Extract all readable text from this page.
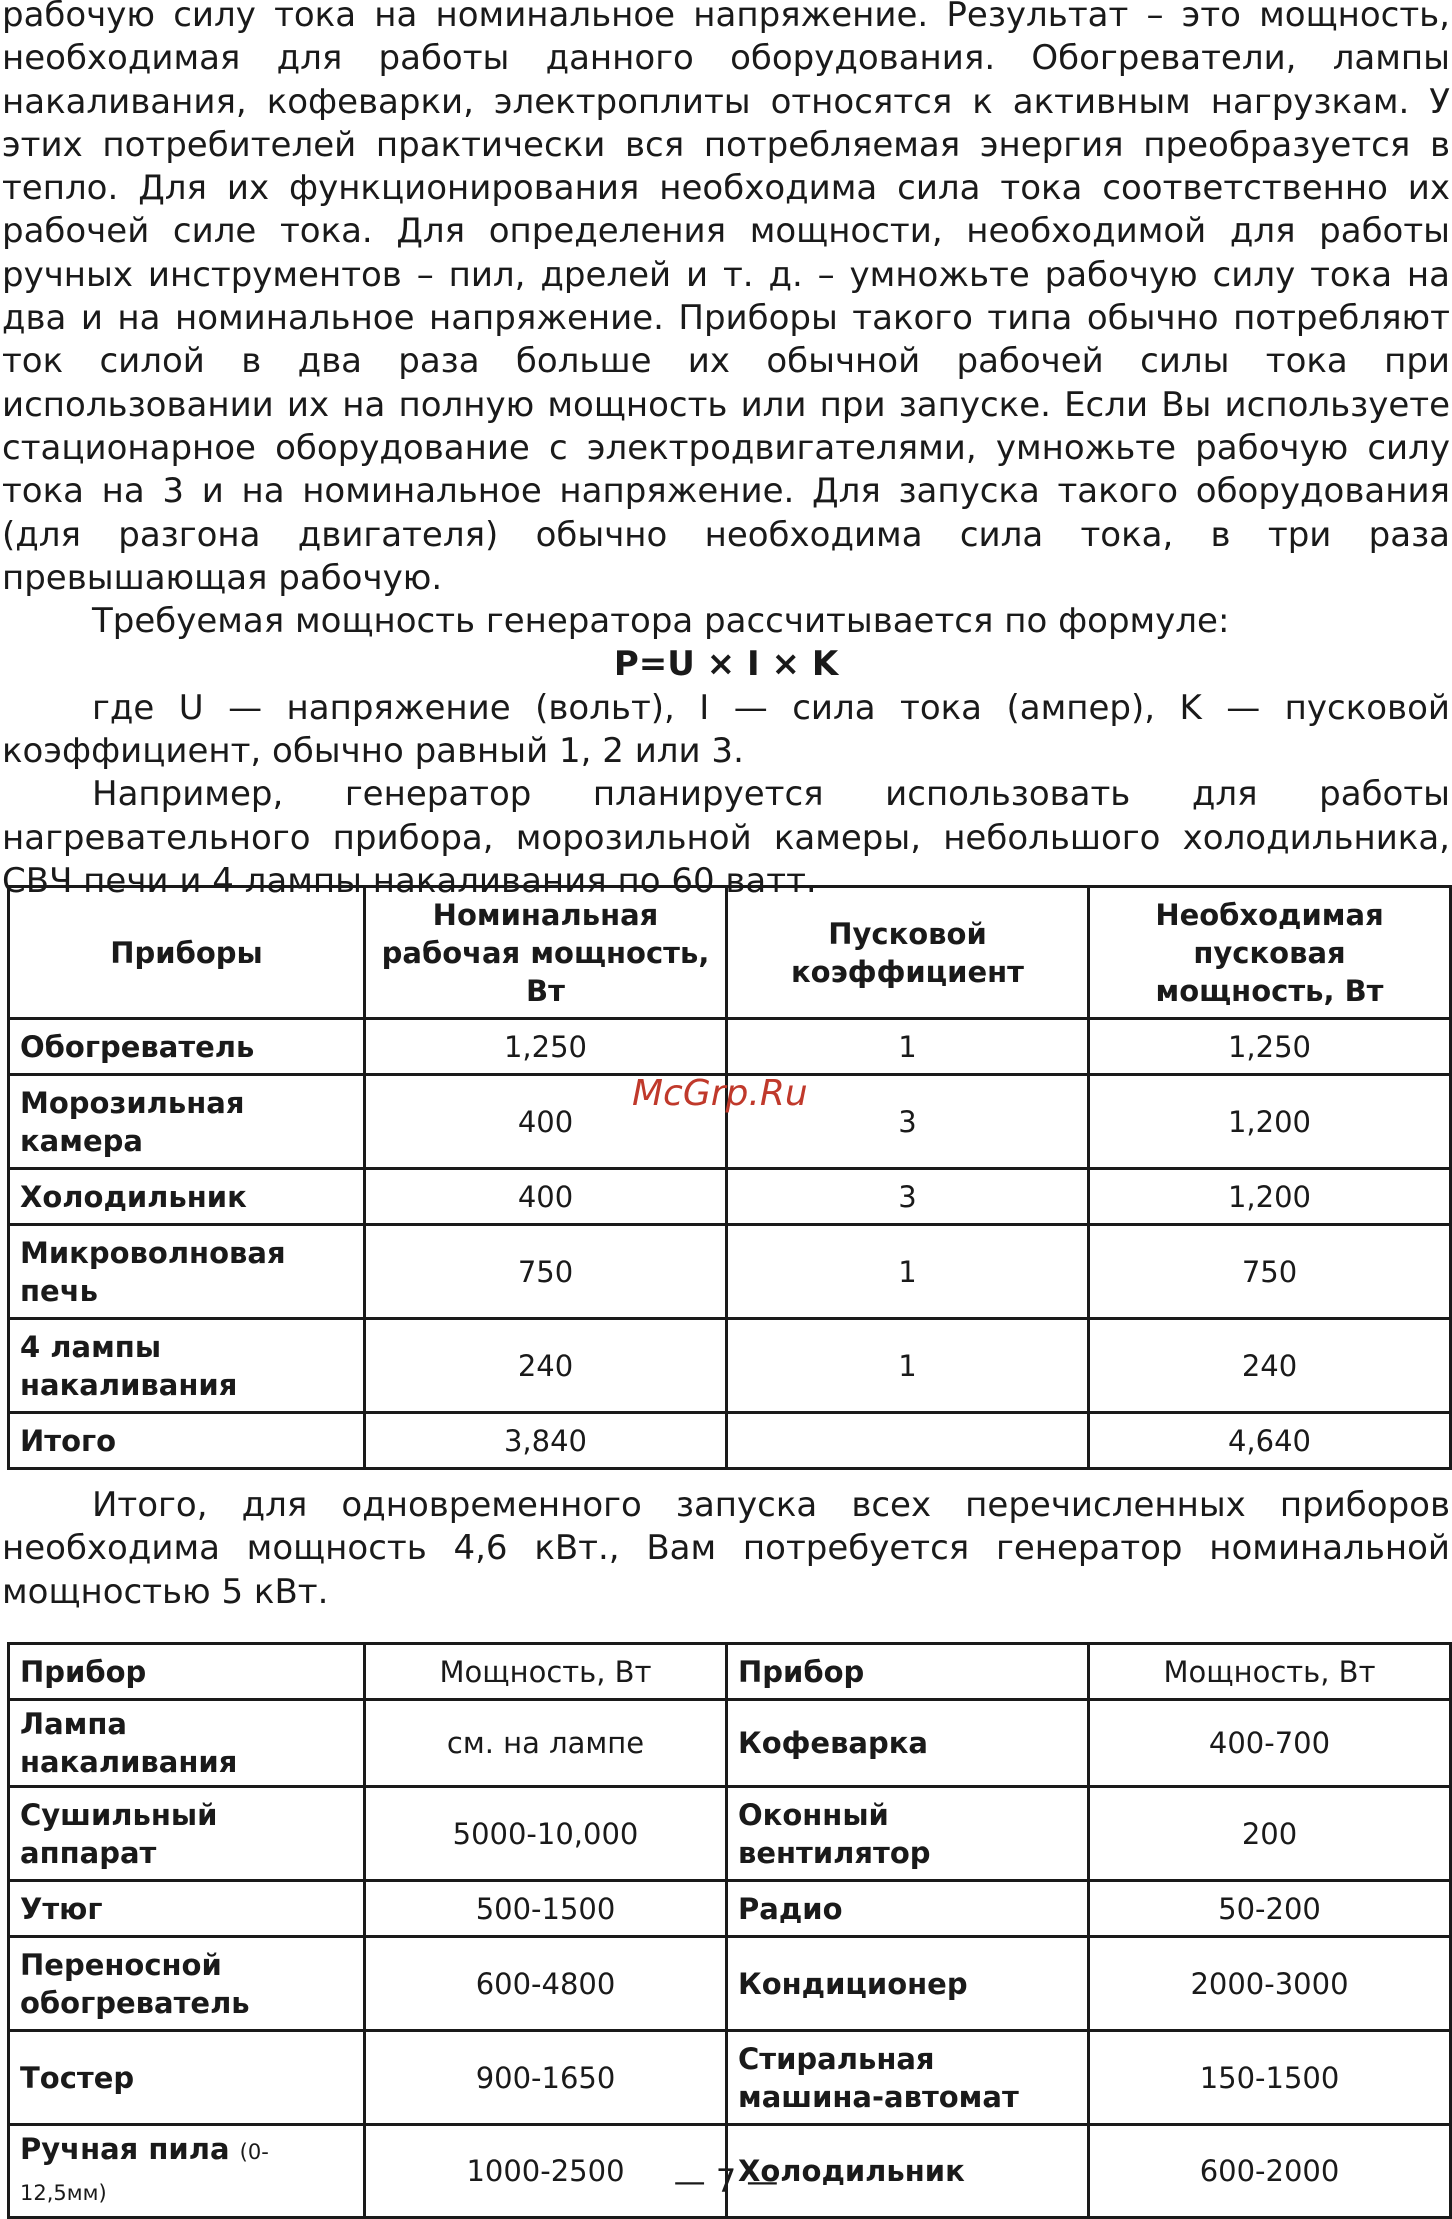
рабочую силу тока на номинальное напряжение. Результат – это мощность, необходимая для работы данного оборудования. Обогреватели, лампы накаливания, кофеварки, электроплиты относятся к активным нагрузкам. У этих потребителей практически вся потребляемая энергия преобразуется в тепло. Для их функционирования необходима сила тока соответственно их рабочей силе тока. Для определения мощности, необходимой для работы ручных инструментов – пил, дрелей и т. д. – умножьте рабочую силу тока на два и на номинальное напряжение. Приборы такого типа обычно потребляют ток силой в два раза больше их обычной рабочей силы тока при использовании их на полную мощность или при запуске. Если Вы используете стационарное оборудование с электродвигателями, умножьте рабочую силу тока на 3 и на номинальное напряжение. Для запуска такого оборудования (для разгона двигателя) обычно необходима сила тока, в три раза превышающая рабочую.

Требуемая мощность генератора рассчитывается по формуле:

P=U × I × K

где U — напряжение (вольт), I — сила тока (ампер), K — пусковой коэффициент, обычно равный 1, 2 или 3.

Например, генератор планируется использовать для работы нагревательного прибора, морозильной камеры, небольшого холодильника, СВЧ печи и 4 лампы накаливания по 60 ватт.

Приборы	Номинальная рабочая мощность, Вт	Пусковой коэффициент	Необходимая пусковая мощность, Вт
Обогреватель	1,250	1	1,250
Морозильная камера	400	3	1,200
Холодильник	400	3	1,200
Микроволновая печь	750	1	750
4 лампы накаливания	240	1	240
Итого	3,840		4,640
McGrp.Ru

Итого, для одновременного запуска всех перечисленных приборов необходима мощность 4,6 кВт., Вам потребуется генератор номинальной мощностью 5 кВт.

Прибор	Мощность, Вт	Прибор	Мощность, Вт
Лампа накаливания	см. на лампе	Кофеварка	400-700
Сушильный аппарат	5000-10,000	Оконный вентилятор	200
Утюг	500-1500	Радио	50-200
Переносной обогреватель	600-4800	Кондиционер	2000-3000
Тостер	900-1650	Стиральная машина-автомат	150-1500
Ручная пила (0-12,5мм)	1000-2500	Холодильник	600-2000
— 7 —
